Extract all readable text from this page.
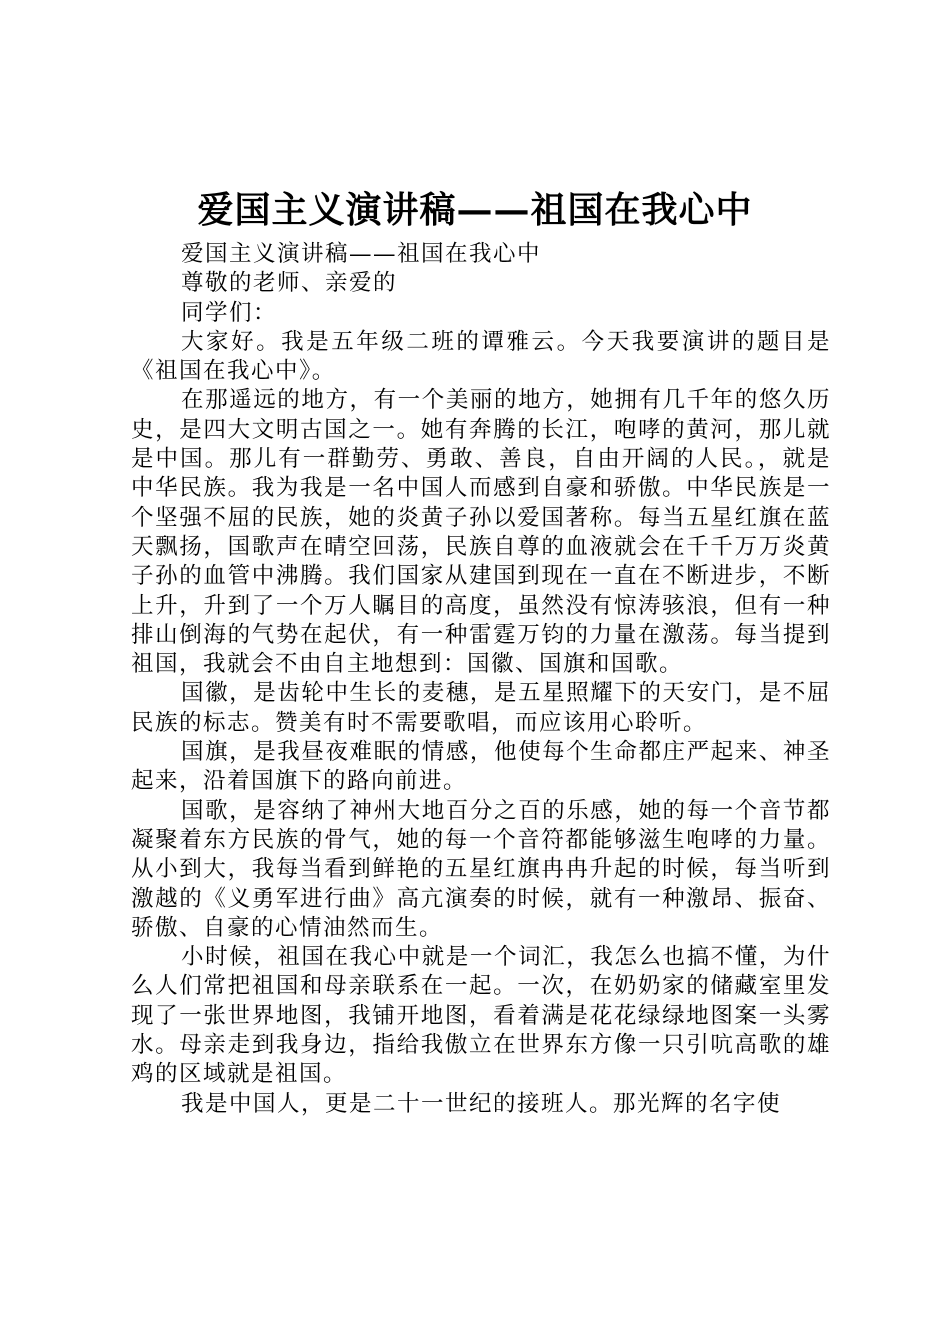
爱国主义演讲稿——祖国在我心中
爱国主义演讲稿——祖国在我心中
尊敬的老师、亲爱的
同学们：

大家好。我是五年级二班的谭雅云。今天我要演讲的题目是《祖国在我心中》。

在那遥远的地方，有一个美丽的地方，她拥有几千年的悠久历史，是四大文明古国之一。她有奔腾的长江，咆哮的黄河，那儿就是中国。那儿有一群勤劳、勇敢、善良，自由开阔的人民。，就是中华民族。我为我是一名中国人而感到自豪和骄傲。中华民族是一个坚强不屈的民族，她的炎黄子孙以爱国著称。每当五星红旗在蓝天飘扬，国歌声在晴空回荡，民族自尊的血液就会在千千万万炎黄子孙的血管中沸腾。我们国家从建国到现在一直在不断进步，不断上升，升到了一个万人瞩目的高度，虽然没有惊涛骇浪，但有一种排山倒海的气势在起伏，有一种雷霆万钧的力量在激荡。每当提到祖国，我就会不由自主地想到：国徽、国旗和国歌。

国徽，是齿轮中生长的麦穗，是五星照耀下的天安门，是不屈民族的标志。赞美有时不需要歌唱，而应该用心聆听。

国旗，是我昼夜难眠的情感，他使每个生命都庄严起来、神圣起来，沿着国旗下的路向前进。

国歌，是容纳了神州大地百分之百的乐感，她的每一个音节都凝聚着东方民族的骨气，她的每一个音符都能够滋生咆哮的力量。从小到大，我每当看到鲜艳的五星红旗冉冉升起的时候，每当听到激越的《义勇军进行曲》高亢演奏的时候，就有一种激昂、振奋、骄傲、自豪的心情油然而生。

小时候，祖国在我心中就是一个词汇，我怎么也搞不懂，为什么人们常把祖国和母亲联系在一起。一次，在奶奶家的储藏室里发现了一张世界地图，我铺开地图，看着满是花花绿绿地图案一头雾水。母亲走到我身边，指给我傲立在世界东方像一只引吭高歌的雄鸡的区域就是祖国。

我是中国人，更是二十一世纪的接班人。那光辉的名字使
